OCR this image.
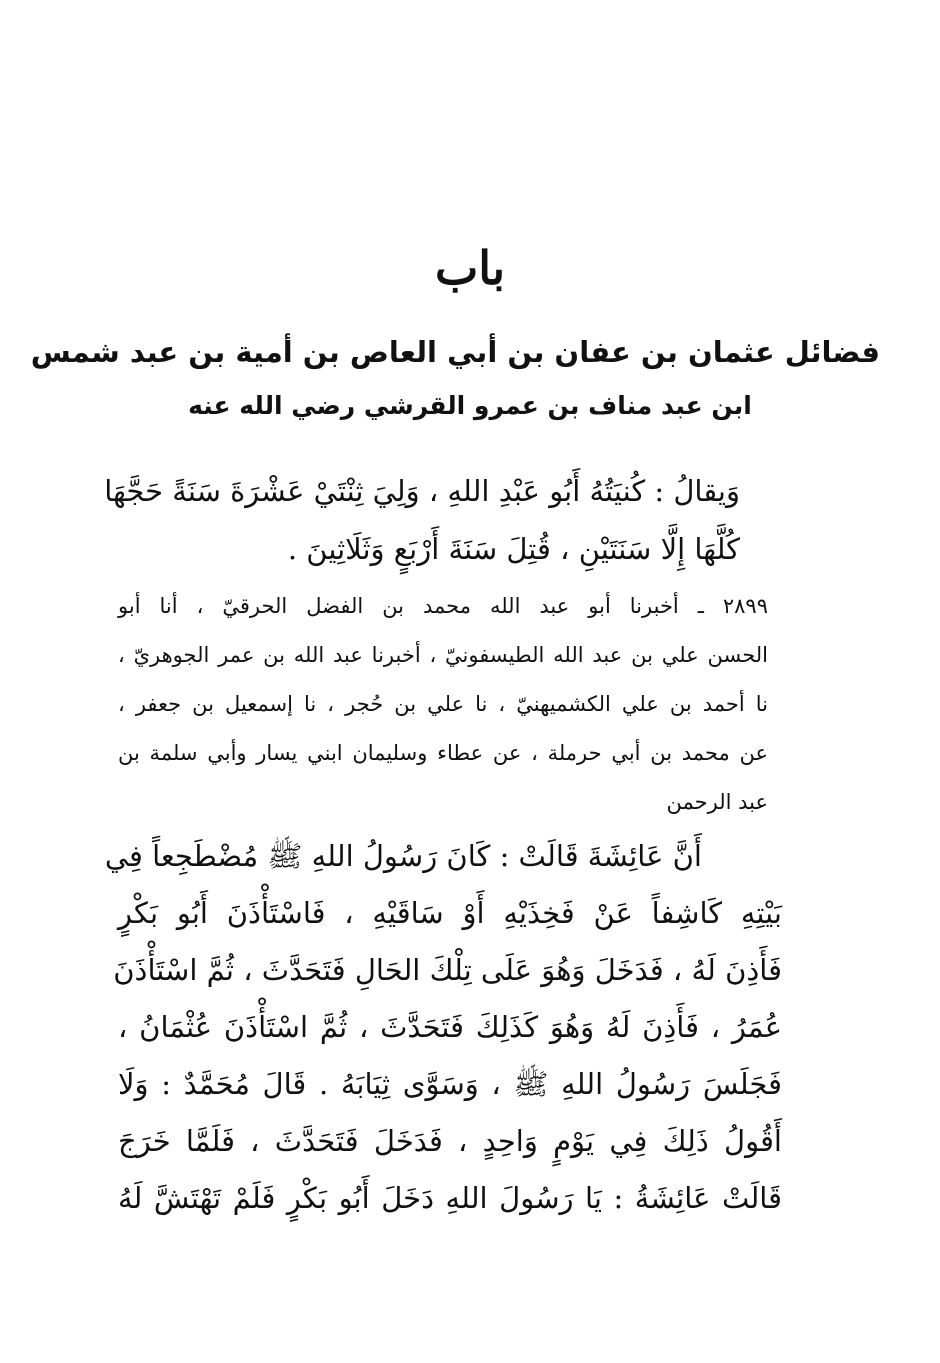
باب
فضائل عثمان بن عفان بن أبي العاص بن أمية بن عبد شمس
ابن عبد مناف بن عمرو القرشي رضي الله عنه
وَيقالُ : كُنيَتُهُ أَبُو عَبْدِ اللهِ ، وَلِيَ ثِنْتَيْ عَشْرَةَ سَنَةً حَجَّهَا
كُلَّهَا إِلَّا سَنَتَيْنِ ، قُتِلَ سَنَةَ أَرْبَعٍ وَثَلَاثِينَ .
٢٨٩٩ ـ أخبرنا أبو عبد الله محمد بن الفضل الحرقيّ ، أنا أبو
الحسن علي بن عبد الله الطيسفونيّ ، أخبرنا عبد الله بن عمر الجوهريّ ،
نا أحمد بن علي الكشميهنيّ ، نا علي بن حُجر ، نا إسمعيل بن جعفر ،
عن محمد بن أبي حرملة ، عن عطاء وسليمان ابني يسار وأبي سلمة بن
عبد الرحمن
أَنَّ عَائِشَةَ قَالَتْ : كَانَ رَسُولُ اللهِ ﷺ مُضْطَجِعاً فِي
بَيْتِهِ كَاشِفاً عَنْ فَخِذَيْهِ أَوْ سَاقَيْهِ ، فَاسْتَأْذَنَ أَبُو بَكْرٍ
فَأَذِنَ لَهُ ، فَدَخَلَ وَهُوَ عَلَى تِلْكَ الحَالِ فَتَحَدَّثَ ، ثُمَّ اسْتَأْذَنَ
عُمَرُ ، فَأَذِنَ لَهُ وَهُوَ كَذَلِكَ فَتَحَدَّثَ ، ثُمَّ اسْتَأْذَنَ عُثْمَانُ ،
فَجَلَسَ رَسُولُ اللهِ ﷺ ، وَسَوَّى ثِيَابَهُ . قَالَ مُحَمَّدٌ : وَلَا
أَقُولُ ذَلِكَ فِي يَوْمٍ وَاحِدٍ ، فَدَخَلَ فَتَحَدَّثَ ، فَلَمَّا خَرَجَ
قَالَتْ عَائِشَةُ : يَا رَسُولَ اللهِ دَخَلَ أَبُو بَكْرٍ فَلَمْ تَهْتَشَّ لَهُ
